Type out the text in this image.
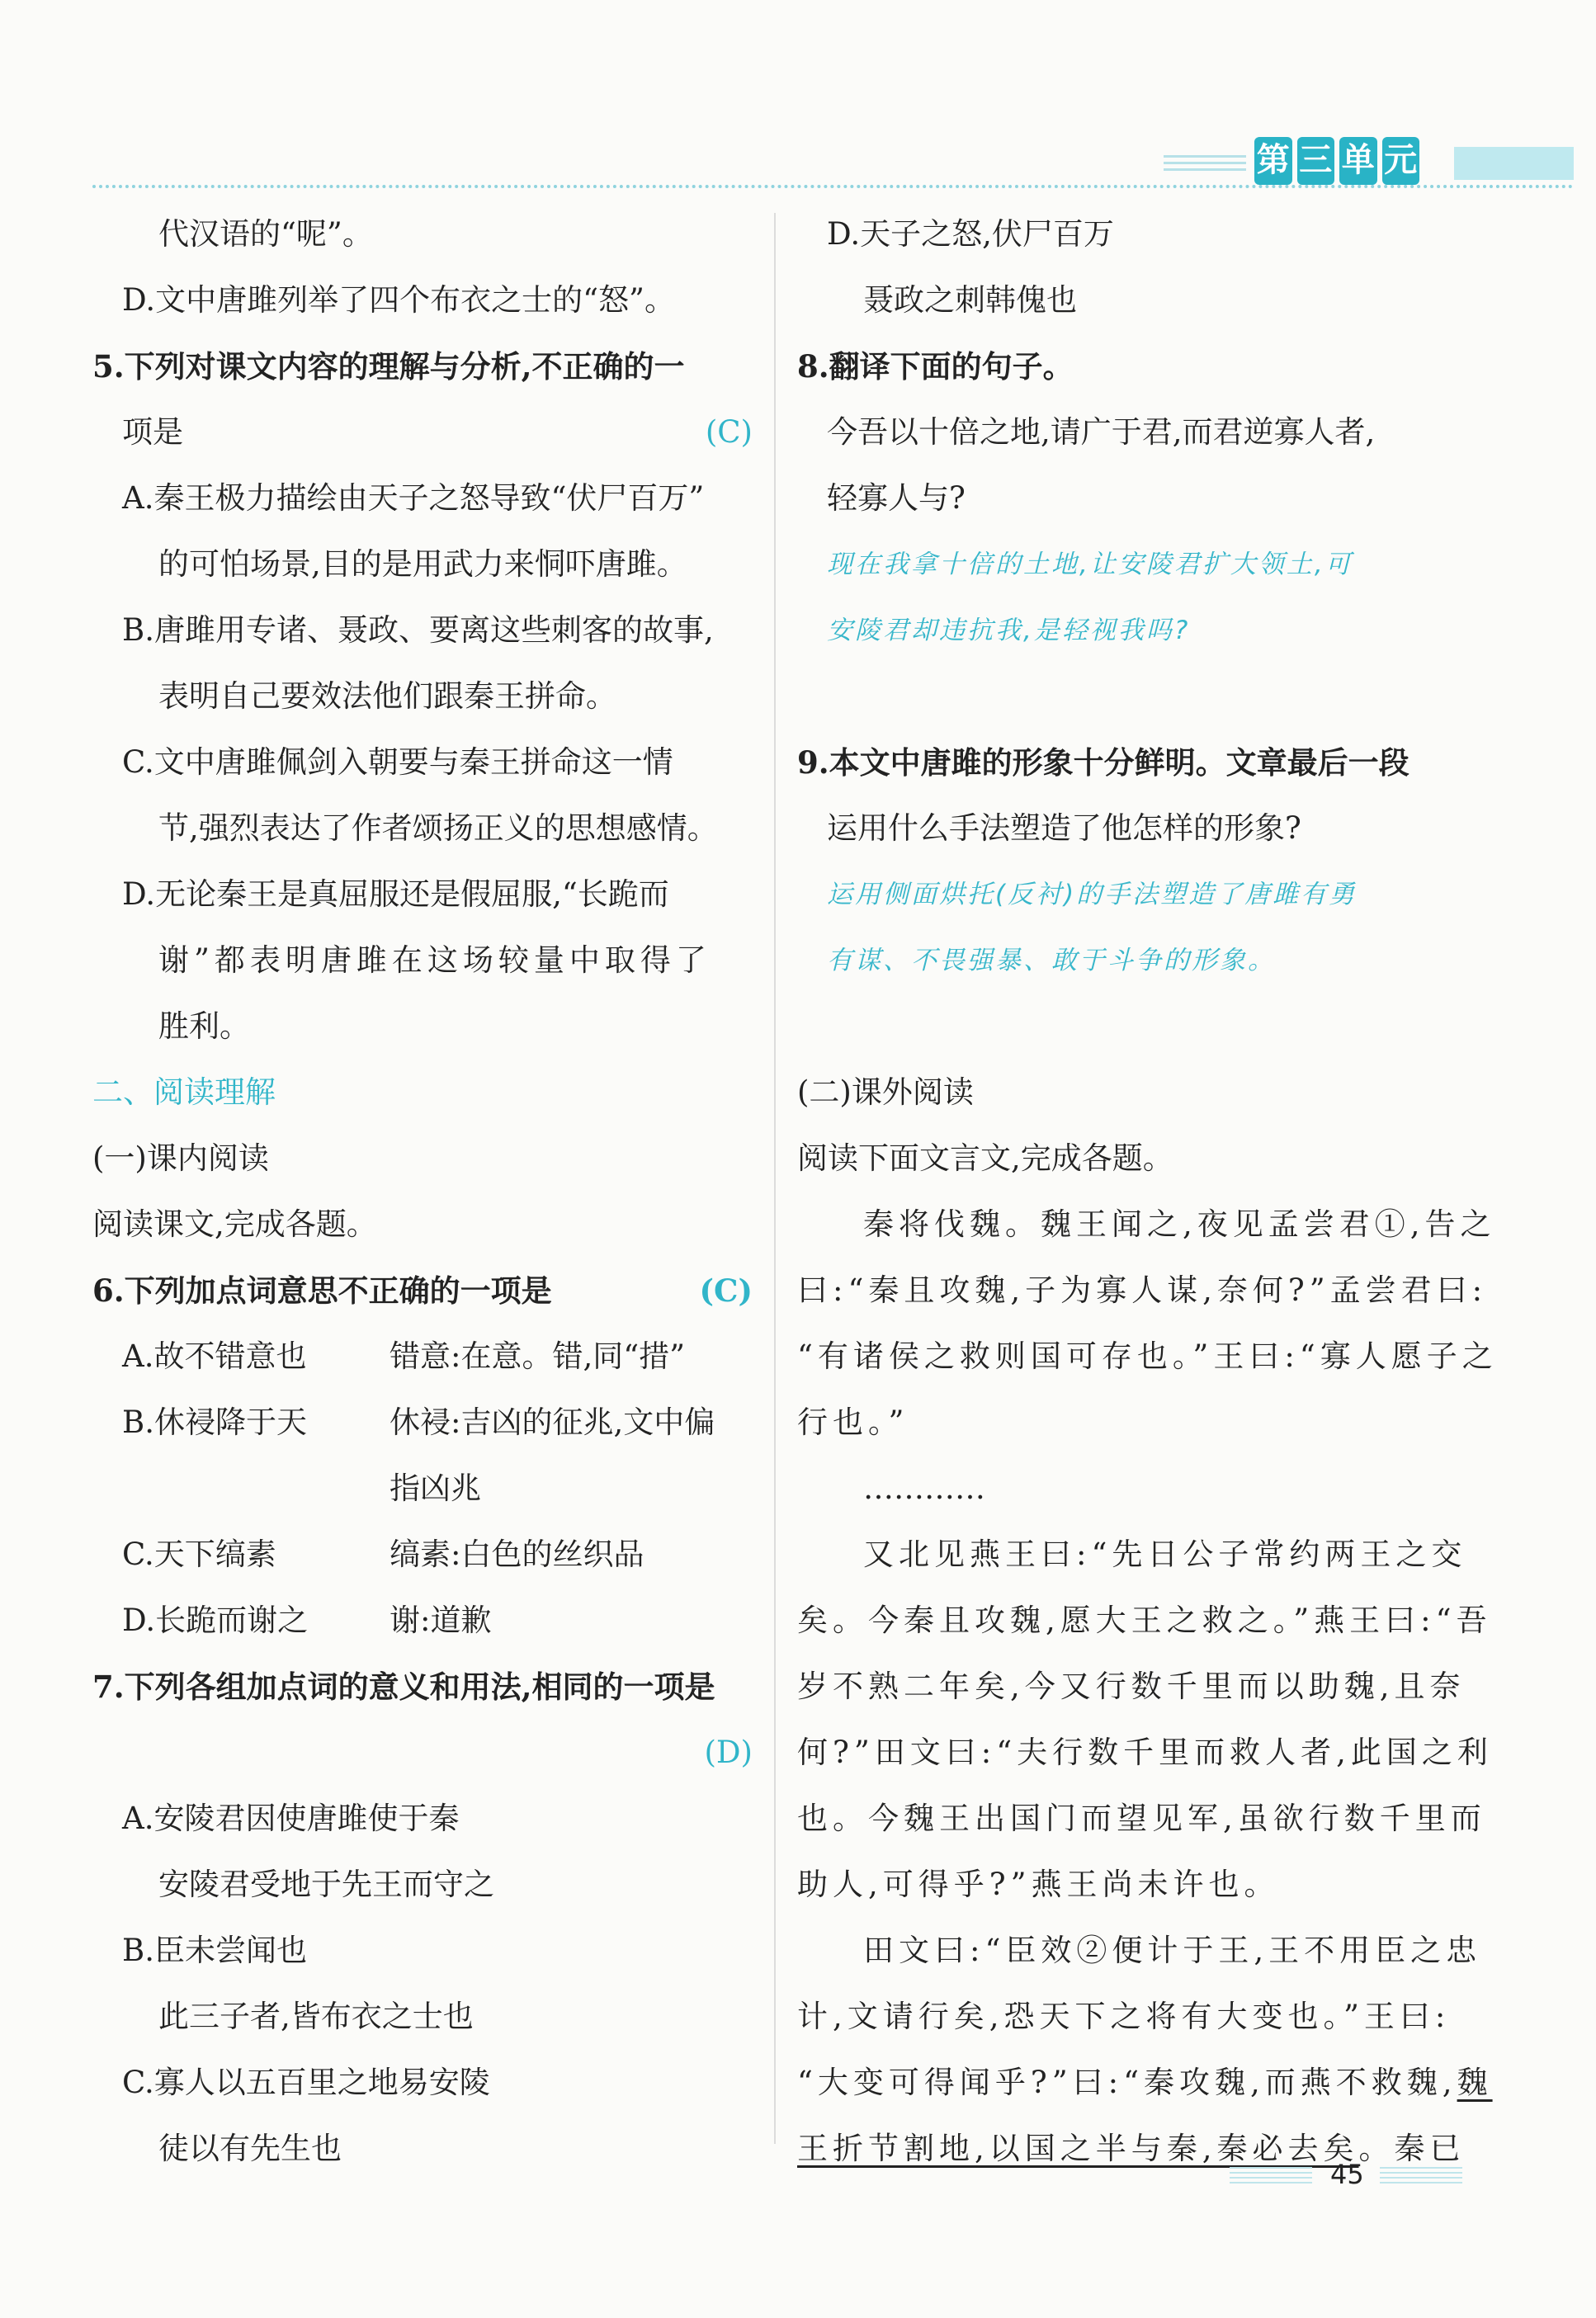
第 三 单 元
代汉语的“呢”。
D.文中唐雎列举了四个布衣之士的“怒”。
5.下列对课文内容的理解与分析,不正确的一
项是	(C)
A.秦王极力描绘由天子之怒导致“伏尸百万”
的可怕场景,目的是用武力来恫吓唐雎。
B.唐雎用专诸、聂政、要离这些刺客的故事,
表明自己要效法他们跟秦王拼命。
C.文中唐雎佩剑入朝要与秦王拼命这一情
节,强烈表达了作者颂扬正义的思想感情。
D.无论秦王是真屈服还是假屈服,“长跪而
谢”都表明唐雎在这场较量中取得了
胜利。
二、阅读理解
(一)课内阅读
阅读课文,完成各题。
6.下列加点词意思不正确的一项是	(C)
A.故不错意也	错意:在意。错,同“措”
B.休祲降于天	休祲:吉凶的征兆,文中偏
指凶兆
C.天下缟素	缟素:白色的丝织品
D.长跪而谢之	谢:道歉
7.下列各组加点词的意义和用法,相同的一项是
(D)
A.安陵君因使唐雎使于秦
安陵君受地于先王而守之
B.臣未尝闻也
此三子者,皆布衣之士也
C.寡人以五百里之地易安陵
徒以有先生也
D.天子之怒,伏尸百万
聂政之刺韩傀也
8.翻译下面的句子。
今吾以十倍之地,请广于君,而君逆寡人者,
轻寡人与?
现在我拿十倍的土地,让安陵君扩大领土,可
安陵君却违抗我,是轻视我吗?
9.本文中唐雎的形象十分鲜明。文章最后一段
运用什么手法塑造了他怎样的形象?
运用侧面烘托(反衬)的手法塑造了唐雎有勇
有谋、不畏强暴、敢于斗争的形象。
(二)课外阅读
阅读下面文言文,完成各题。
秦将伐魏。魏王闻之,夜见孟尝君①,告之
曰:“秦且攻魏,子为寡人谋,奈何?”孟尝君曰:
“有诸侯之救则国可存也。”王曰:“寡人愿子之
行也。”
…………
又北见燕王曰:“先日公子常约两王之交
矣。今秦且攻魏,愿大王之救之。”燕王曰:“吾
岁不熟二年矣,今又行数千里而以助魏,且奈
何?”田文曰:“夫行数千里而救人者,此国之利
也。今魏王出国门而望见军,虽欲行数千里而
助人,可得乎?”燕王尚未许也。
田文曰:“臣效②便计于王,王不用臣之忠
计,文请行矣,恐天下之将有大变也。”王曰:
“大变可得闻乎?”曰:“秦攻魏,而燕不救魏,魏
王折节割地,以国之半与秦,秦必去矣。秦已
45
